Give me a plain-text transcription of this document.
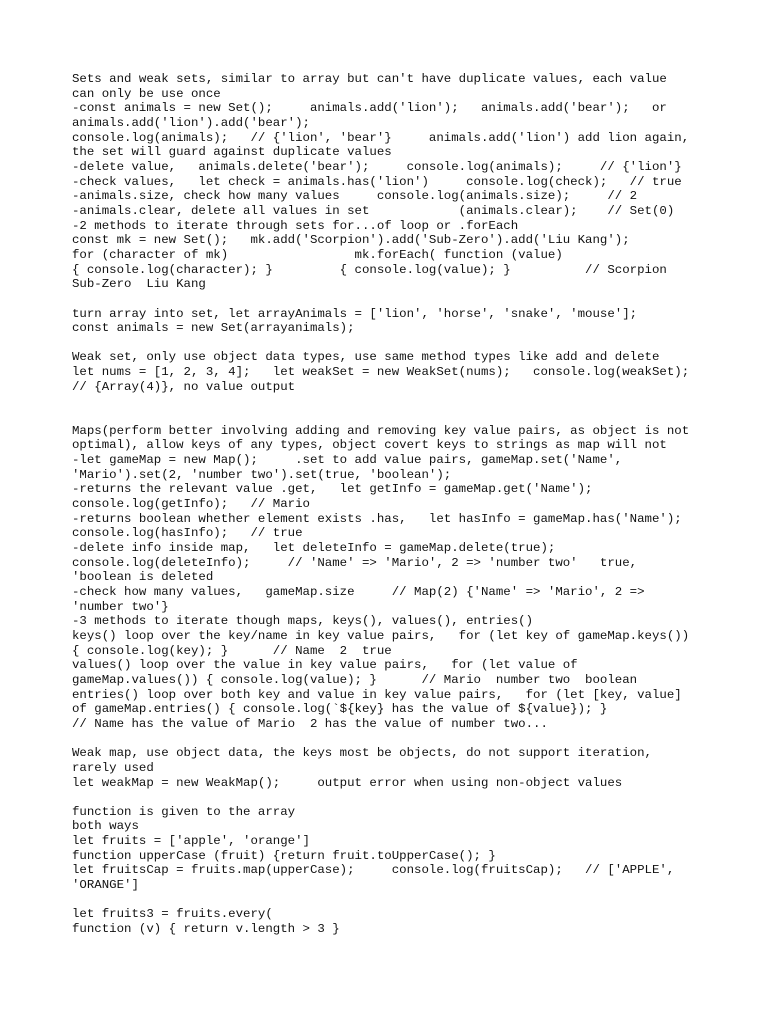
Sets and weak sets, similar to array but can't have duplicate values, each value
can only be use once
-const animals = new Set();     animals.add('lion');   animals.add('bear');   or
animals.add('lion').add('bear');
console.log(animals);   // {'lion', 'bear'}     animals.add('lion') add lion again,
the set will guard against duplicate values
-delete value,   animals.delete('bear');     console.log(animals);     // {'lion'}
-check values,   let check = animals.has('lion')     console.log(check);   // true
-animals.size, check how many values     console.log(animals.size);     // 2
-animals.clear, delete all values in set            (animals.clear);    // Set(0)
-2 methods to iterate through sets for...of loop or .forEach
const mk = new Set();   mk.add('Scorpion').add('Sub-Zero').add('Liu Kang');
for (character of mk)                 mk.forEach( function (value)
{ console.log(character); }         { console.log(value); }          // Scorpion
Sub-Zero  Liu Kang
turn array into set, let arrayAnimals = ['lion', 'horse', 'snake', 'mouse'];
const animals = new Set(arrayanimals);
Weak set, only use object data types, use same method types like add and delete
let nums = [1, 2, 3, 4];   let weakSet = new WeakSet(nums);   console.log(weakSet);
// {Array(4)}, no value output
Maps(perform better involving adding and removing key value pairs, as object is not
optimal), allow keys of any types, object covert keys to strings as map will not
-let gameMap = new Map();     .set to add value pairs, gameMap.set('Name',
'Mario').set(2, 'number two').set(true, 'boolean');
-returns the relevant value .get,   let getInfo = gameMap.get('Name');
console.log(getInfo);   // Mario
-returns boolean whether element exists .has,   let hasInfo = gameMap.has('Name');
console.log(hasInfo);   // true
-delete info inside map,   let deleteInfo = gameMap.delete(true);
console.log(deleteInfo);     // 'Name' => 'Mario', 2 => 'number two'   true,
'boolean is deleted
-check how many values,   gameMap.size     // Map(2) {'Name' => 'Mario', 2 =>
'number two'}
-3 methods to iterate though maps, keys(), values(), entries()
keys() loop over the key/name in key value pairs,   for (let key of gameMap.keys())
{ console.log(key); }      // Name  2  true
values() loop over the value in key value pairs,   for (let value of
gameMap.values()) { console.log(value); }      // Mario  number two  boolean
entries() loop over both key and value in key value pairs,   for (let [key, value]
of gameMap.entries() { console.log(`${key} has the value of ${value}); }
// Name has the value of Mario  2 has the value of number two...
Weak map, use object data, the keys most be objects, do not support iteration,
rarely used
let weakMap = new WeakMap();     output error when using non-object values
function is given to the array
both ways
let fruits = ['apple', 'orange']
function upperCase (fruit) {return fruit.toUpperCase(); }
let fruitsCap = fruits.map(upperCase);     console.log(fruitsCap);   // ['APPLE',
'ORANGE']
let fruits3 = fruits.every(
function (v) { return v.length > 3 }
